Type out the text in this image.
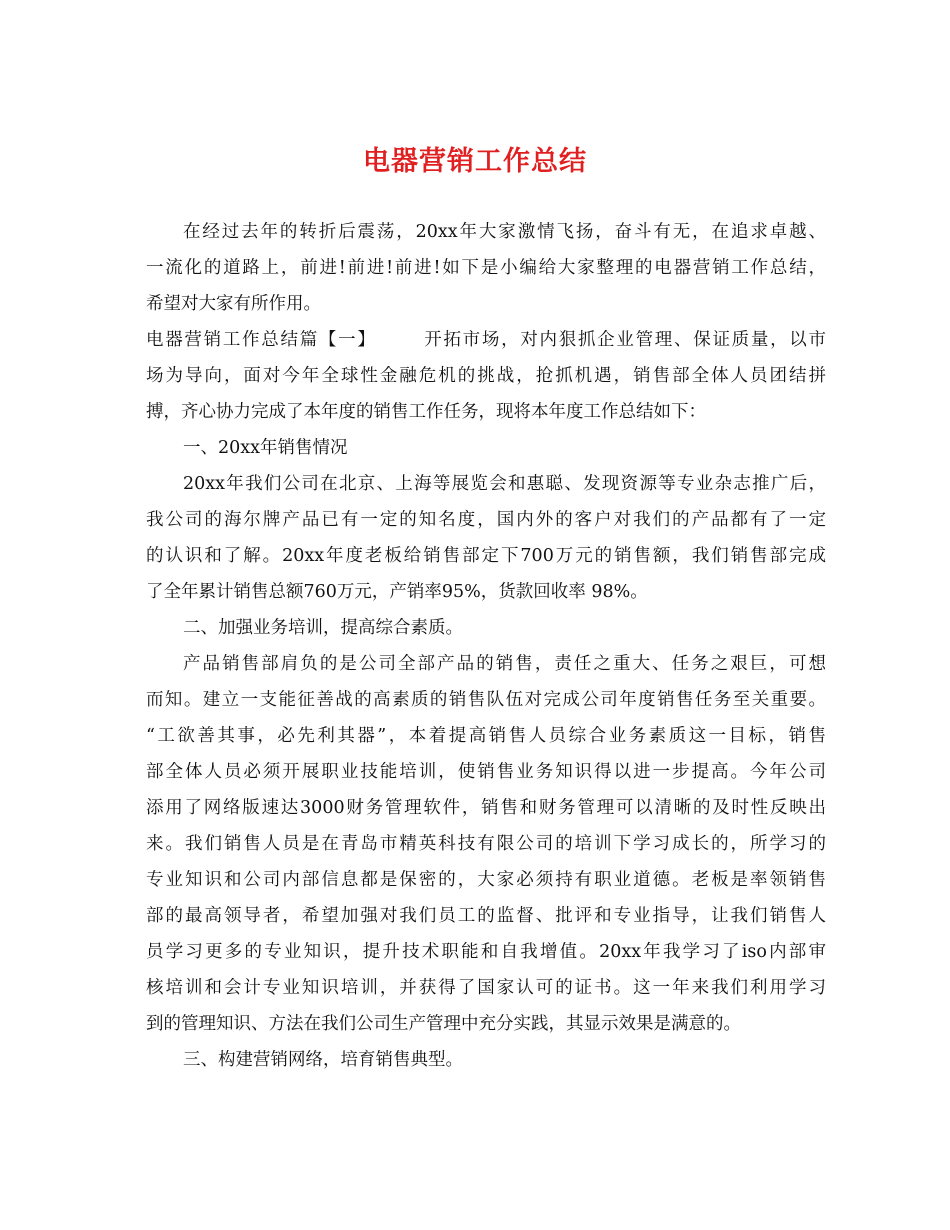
电器营销工作总结
在经过去年的转折后震荡，20xx年大家激情飞扬，奋斗有无，在追求卓越、
一流化的道路上，前进!前进!前进!如下是小编给大家整理的电器营销工作总结，
希望对大家有所作用。
电器营销工作总结篇【一】	开拓市场，对内狠抓企业管理、保证质量，以市
场为导向，面对今年全球性金融危机的挑战，抢抓机遇，销售部全体人员团结拼
搏，齐心协力完成了本年度的销售工作任务，现将本年度工作总结如下：
一、20xx年销售情况
20xx年我们公司在北京、上海等展览会和惠聪、发现资源等专业杂志推广后，
我公司的海尔牌产品已有一定的知名度，国内外的客户对我们的产品都有了一定
的认识和了解。20xx年度老板给销售部定下700万元的销售额，我们销售部完成
了全年累计销售总额760万元，产销率95%，货款回收率 98%。
二、加强业务培训，提高综合素质。
产品销售部肩负的是公司全部产品的销售，责任之重大、任务之艰巨，可想
而知。建立一支能征善战的高素质的销售队伍对完成公司年度销售任务至关重要。
“工欲善其事，必先利其器”，本着提高销售人员综合业务素质这一目标，销售
部全体人员必须开展职业技能培训，使销售业务知识得以进一步提高。今年公司
添用了网络版速达3000财务管理软件，销售和财务管理可以清晰的及时性反映出
来。我们销售人员是在青岛市精英科技有限公司的培训下学习成长的，所学习的
专业知识和公司内部信息都是保密的，大家必须持有职业道德。老板是率领销售
部的最高领导者，希望加强对我们员工的监督、批评和专业指导，让我们销售人
员学习更多的专业知识，提升技术职能和自我增值。20xx年我学习了iso内部审
核培训和会计专业知识培训，并获得了国家认可的证书。这一年来我们利用学习
到的管理知识、方法在我们公司生产管理中充分实践，其显示效果是满意的。
三、构建营销网络，培育销售典型。
